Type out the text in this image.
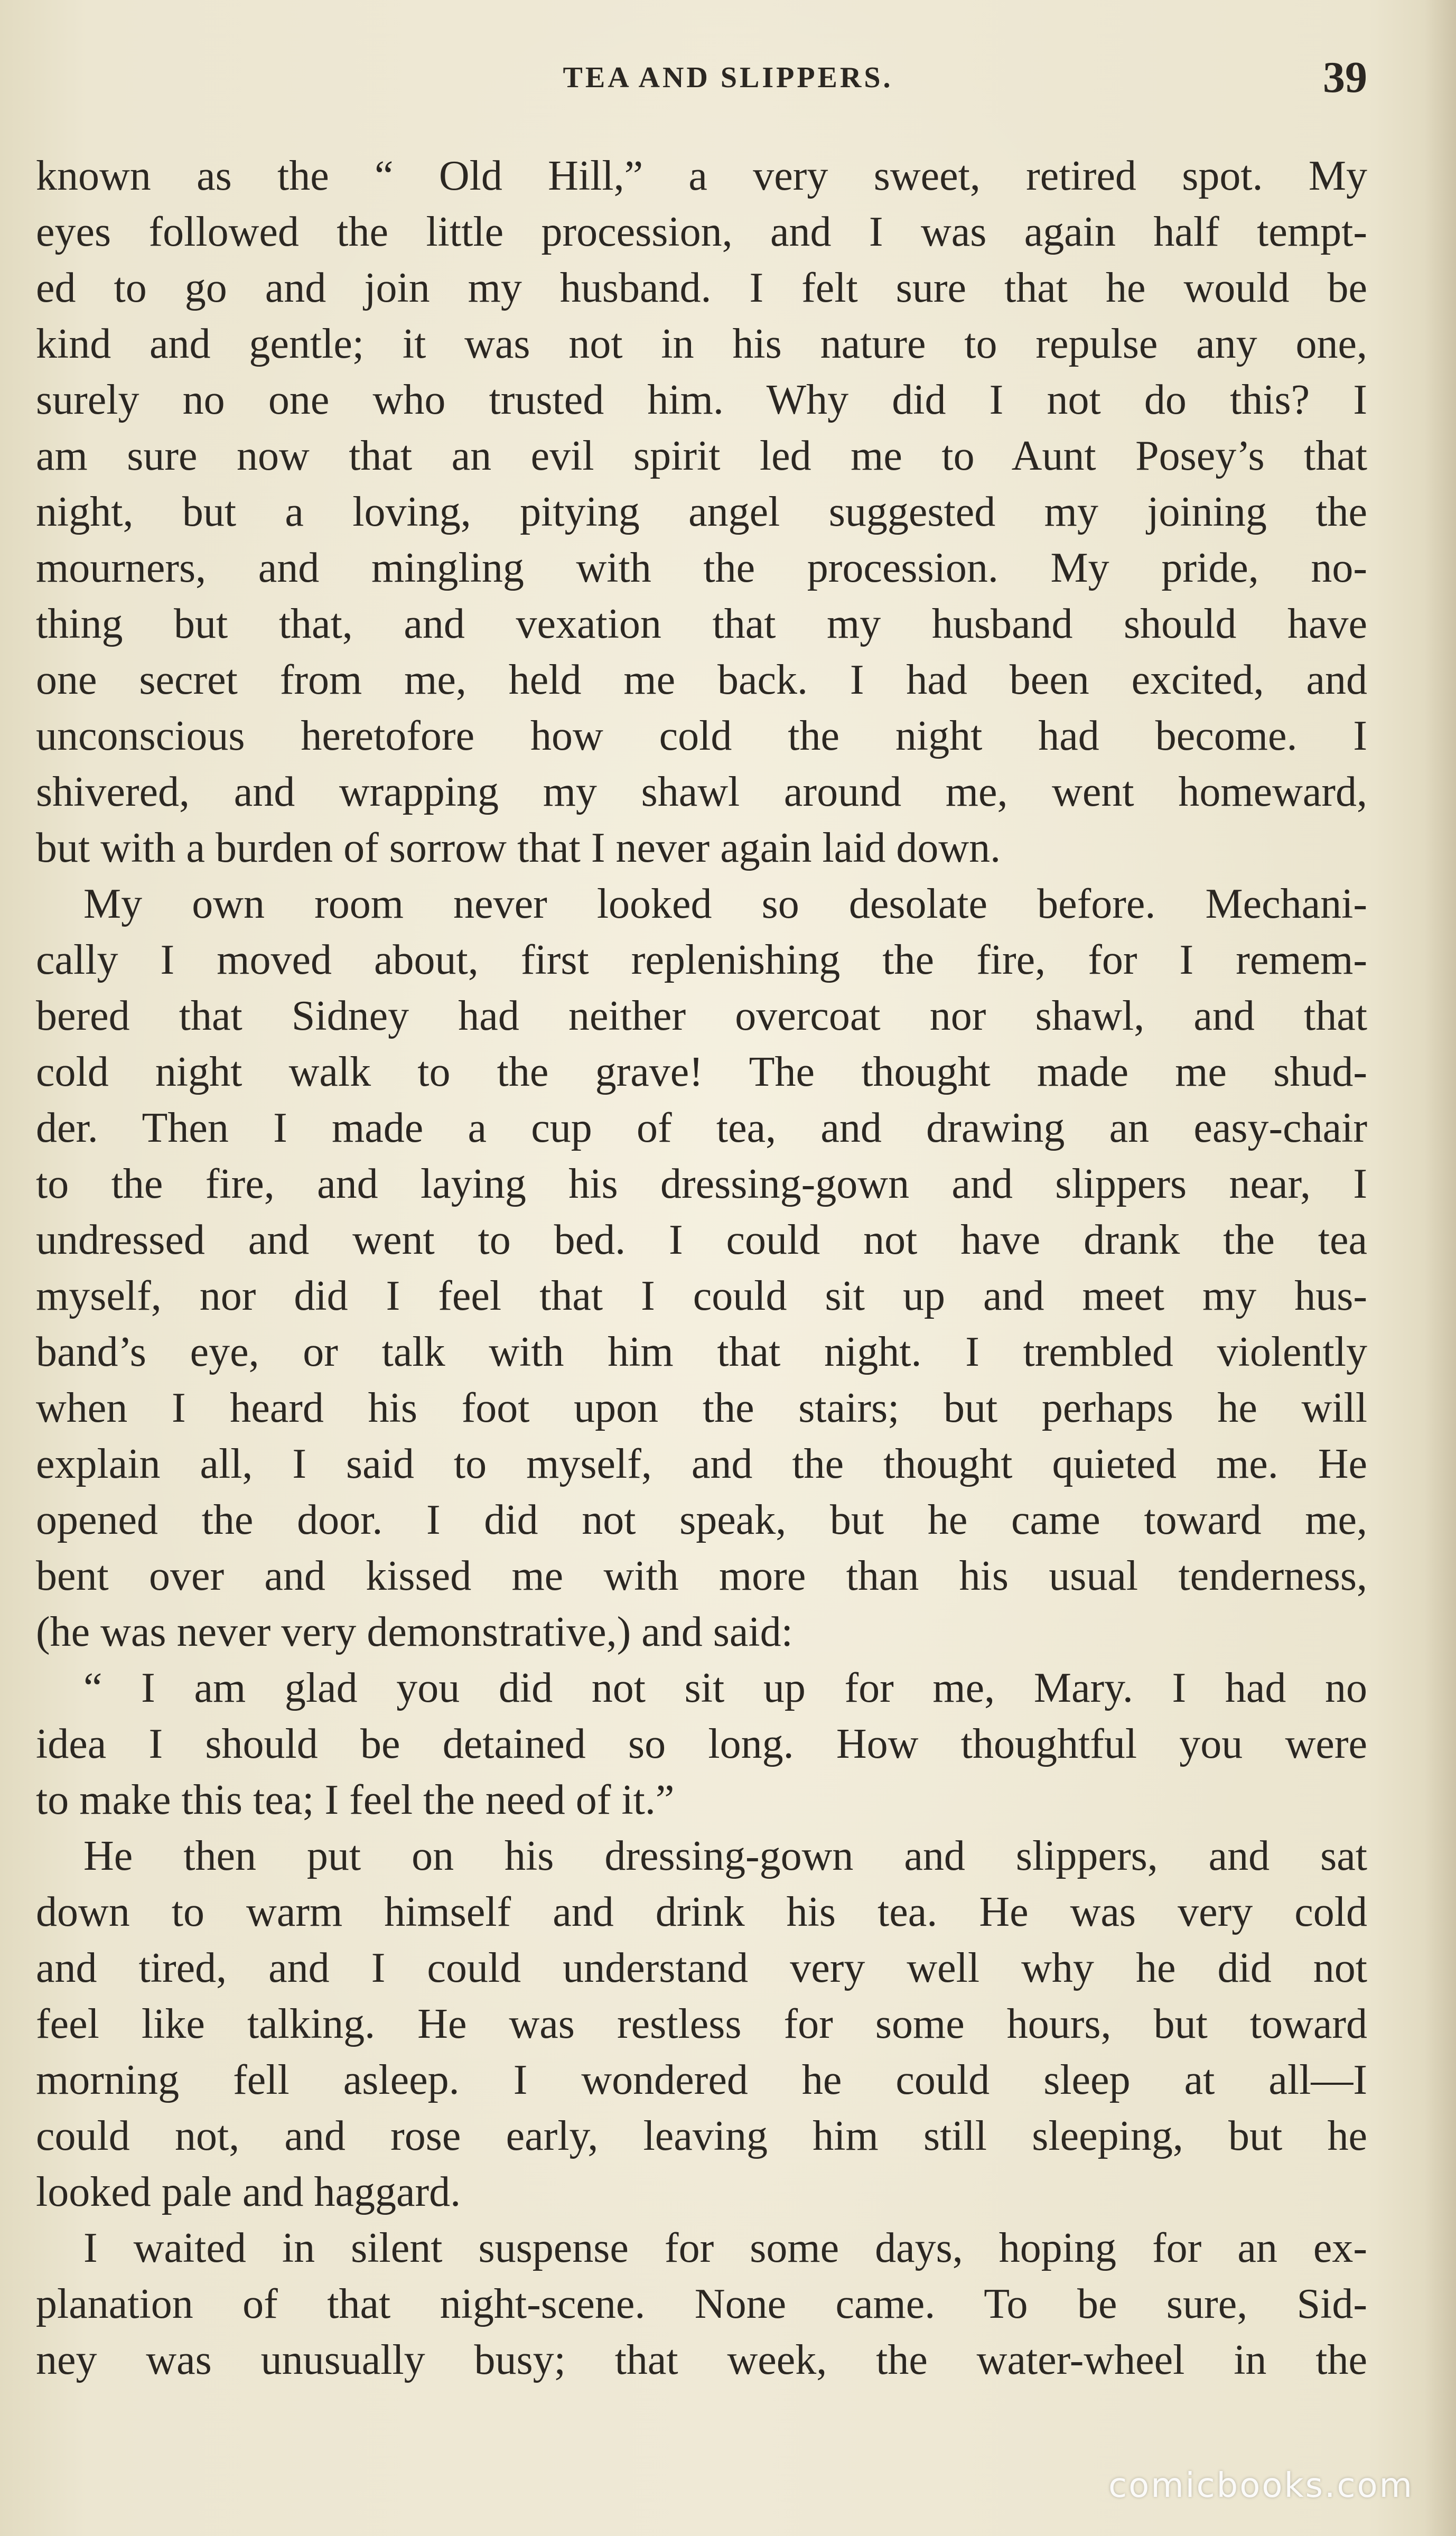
TEA AND SLIPPERS.	39
known as the “ Old Hill,” a very sweet, retired spot. My
eyes followed the little procession, and I was again half tempt-
ed to go and join my husband. I felt sure that he would be
kind and gentle; it was not in his nature to repulse any one,
surely no one who trusted him. Why did I not do this? I
am sure now that an evil spirit led me to Aunt Posey’s that
night, but a loving, pitying angel suggested my joining the
mourners, and mingling with the procession. My pride, no-
thing but that, and vexation that my husband should have
one secret from me, held me back. I had been excited, and
unconscious heretofore how cold the night had become. I
shivered, and wrapping my shawl around me, went homeward,
but with a burden of sorrow that I never again laid down.
My own room never looked so desolate before. Mechani-
cally I moved about, first replenishing the fire, for I remem-
bered that Sidney had neither overcoat nor shawl, and that
cold night walk to the grave! The thought made me shud-
der. Then I made a cup of tea, and drawing an easy-chair
to the fire, and laying his dressing-gown and slippers near, I
undressed and went to bed. I could not have drank the tea
myself, nor did I feel that I could sit up and meet my hus-
band’s eye, or talk with him that night. I trembled violently
when I heard his foot upon the stairs; but perhaps he will
explain all, I said to myself, and the thought quieted me. He
opened the door. I did not speak, but he came toward me,
bent over and kissed me with more than his usual tenderness,
(he was never very demonstrative,) and said:
“ I am glad you did not sit up for me, Mary. I had no
idea I should be detained so long. How thoughtful you were
to make this tea; I feel the need of it.”
He then put on his dressing-gown and slippers, and sat
down to warm himself and drink his tea. He was very cold
and tired, and I could understand very well why he did not
feel like talking. He was restless for some hours, but toward
morning fell asleep. I wondered he could sleep at all—I
could not, and rose early, leaving him still sleeping, but he
looked pale and haggard.
I waited in silent suspense for some days, hoping for an ex-
planation of that night-scene. None came. To be sure, Sid-
ney was unusually busy; that week, the water-wheel in the
comicbooks.com
